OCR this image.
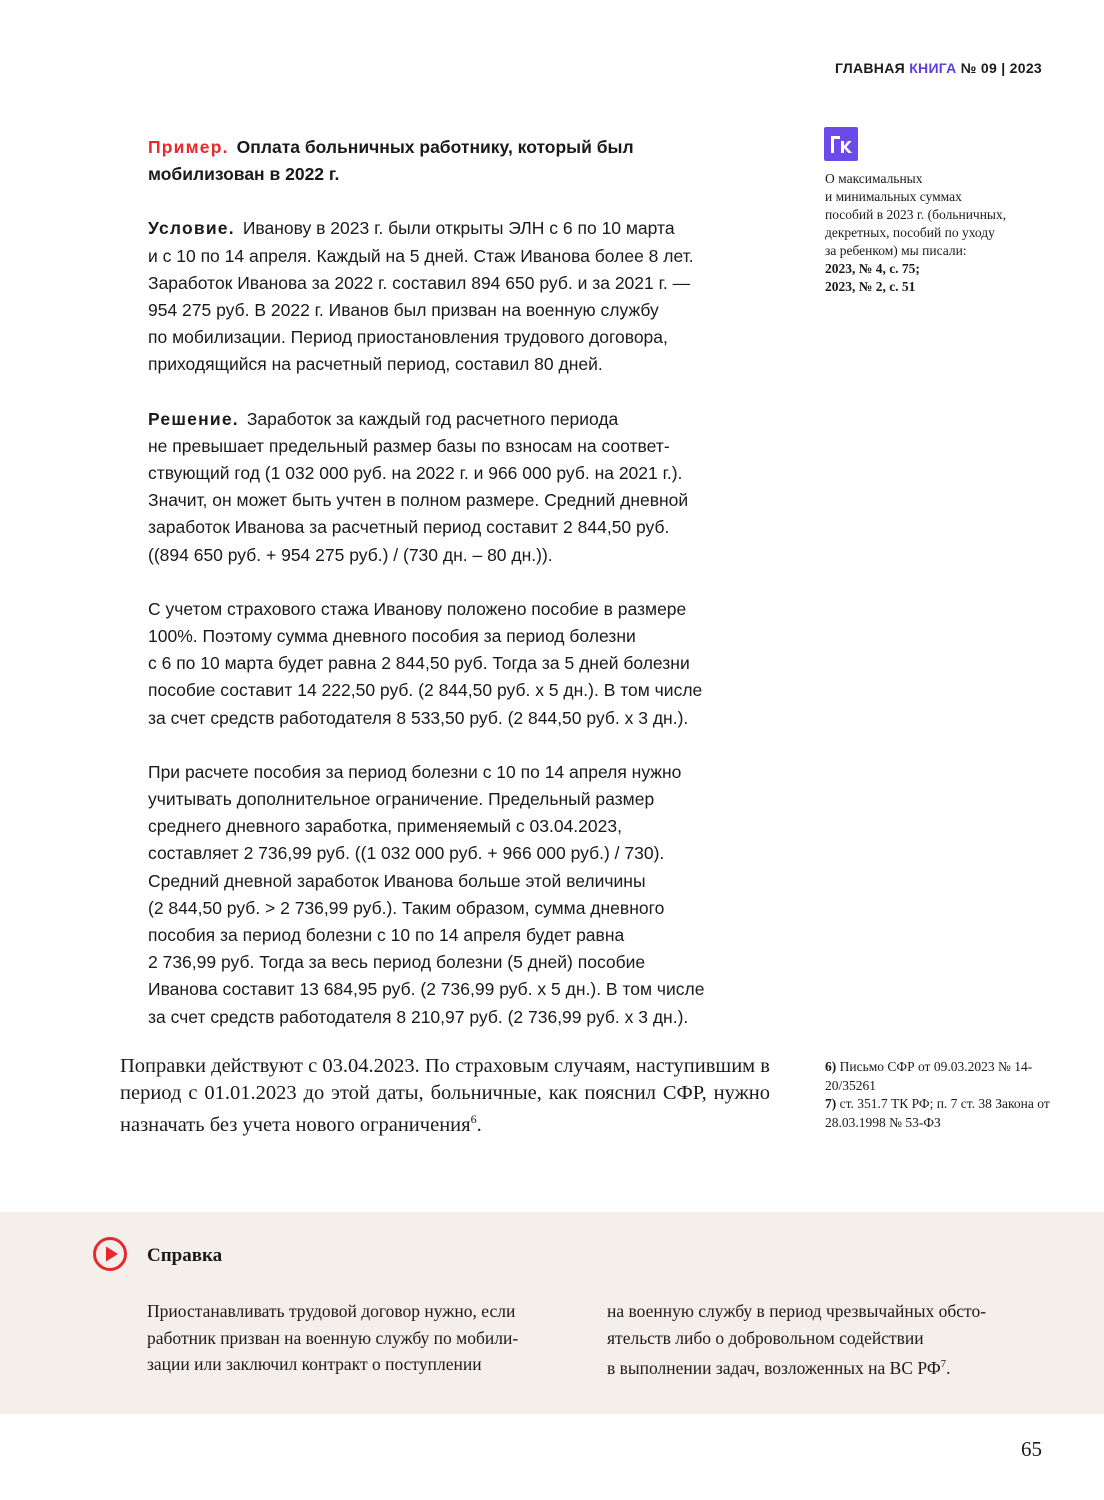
ГЛАВНАЯ КНИГА № 09 | 2023

Пример. Оплата больничных работнику, который был
мобилизован в 2022 г.

Условие. Иванову в 2023 г. были открыты ЭЛН с 6 по 10 марта
и с 10 по 14 апреля. Каждый на 5 дней. Стаж Иванова более 8 лет.
Заработок Иванова за 2022 г. составил 894 650 руб. и за 2021 г. —
954 275 руб. В 2022 г. Иванов был призван на военную службу
по мобилизации. Период приостановления трудового договора,
приходящийся на расчетный период, составил 80 дней.

Решение. Заработок за каждый год расчетного периода
не превышает предельный размер базы по взносам на соответ-
ствующий год (1 032 000 руб. на 2022 г. и 966 000 руб. на 2021 г.).
Значит, он может быть учтен в полном размере. Средний дневной
заработок Иванова за расчетный период составит 2 844,50 руб.
((894 650 руб. + 954 275 руб.) / (730 дн. – 80 дн.)).

С учетом страхового стажа Иванову положено пособие в размере
100%. Поэтому сумма дневного пособия за период болезни
с 6 по 10 марта будет равна 2 844,50 руб. Тогда за 5 дней болезни
пособие составит 14 222,50 руб. (2 844,50 руб. х 5 дн.). В том числе
за счет средств работодателя 8 533,50 руб. (2 844,50 руб. х 3 дн.).

При расчете пособия за период болезни с 10 по 14 апреля нужно
учитывать дополнительное ограничение. Предельный размер
среднего дневного заработка, применяемый с 03.04.2023,
составляет 2 736,99 руб. ((1 032 000 руб. + 966 000 руб.) / 730).
Средний дневной заработок Иванова больше этой величины
(2 844,50 руб. > 2 736,99 руб.). Таким образом, сумма дневного
пособия за период болезни с 10 по 14 апреля будет равна
2 736,99 руб. Тогда за весь период болезни (5 дней) пособие
Иванова составит 13 684,95 руб. (2 736,99 руб. х 5 дн.). В том числе
за счет средств работодателя 8 210,97 руб. (2 736,99 руб. х 3 дн.).

О максимальных
и минимальных суммах
пособий в 2023 г. (больничных,
декретных, пособий по уходу
за ребенком) мы писали:
2023, № 4, с. 75;
2023, № 2, с. 51
Поправки действуют с 03.04.2023. По страховым случаям, наступившим в период с 01.01.2023 до этой даты, больничные, как пояснил СФР, нужно назначать без учета нового ограничения$^6$.
6) Письмо СФР от 09.03.2023 № 14-20/35261
7) ст. 351.7 ТК РФ; п. 7 ст. 38 Закона от 28.03.1998 № 53-ФЗ
Справка
Приостанавливать трудовой договор нужно, если
работник призван на военную службу по мобили-
зации или заключил контракт о поступлении
на военную службу в период чрезвычайных обсто-
ятельств либо о добровольном содействии
в выполнении задач, возложенных на ВС $РФ^7$.
65
